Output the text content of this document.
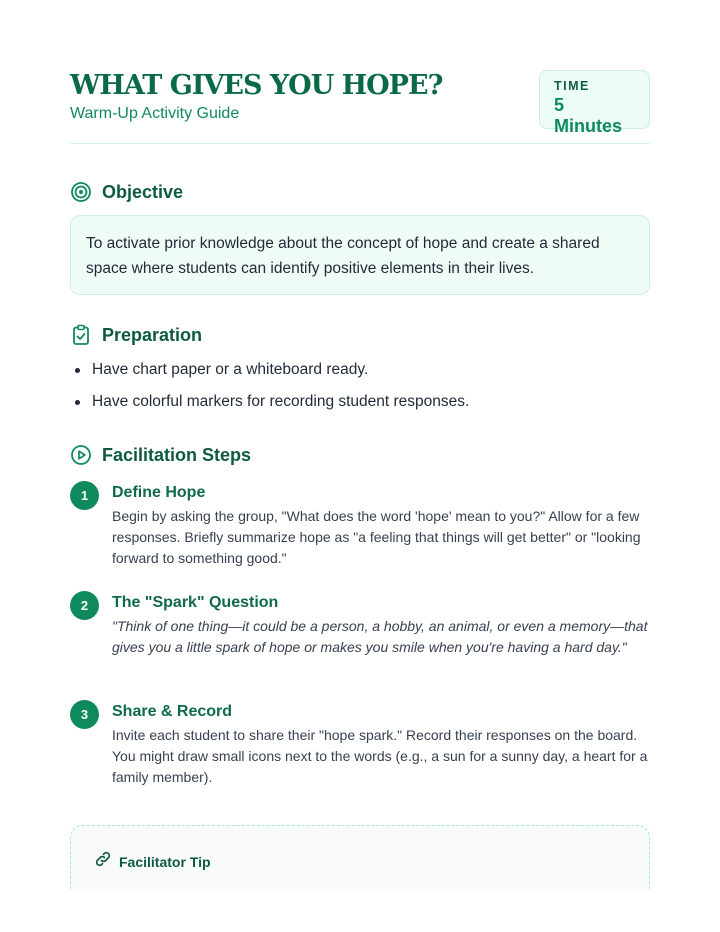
WHAT GIVES YOU HOPE?
Warm-Up Activity Guide
TIME
5 Minutes
Objective
To activate prior knowledge about the concept of hope and create a shared space where students can identify positive elements in their lives.
Preparation
Have chart paper or a whiteboard ready.
Have colorful markers for recording student responses.
Facilitation Steps
1	Define Hope
Begin by asking the group, "What does the word 'hope' mean to you?" Allow for a few responses. Briefly summarize hope as "a feeling that things will get better" or "looking forward to something good."
2	The "Spark" Question
"Think of one thing—it could be a person, a hobby, an animal, or even a memory—that gives you a little spark of hope or makes you smile when you're having a hard day."
3	Share & Record
Invite each student to share their "hope spark." Record their responses on the board. You might draw small icons next to the words (e.g., a sun for a sunny day, a heart for a family member).
Facilitator Tip
